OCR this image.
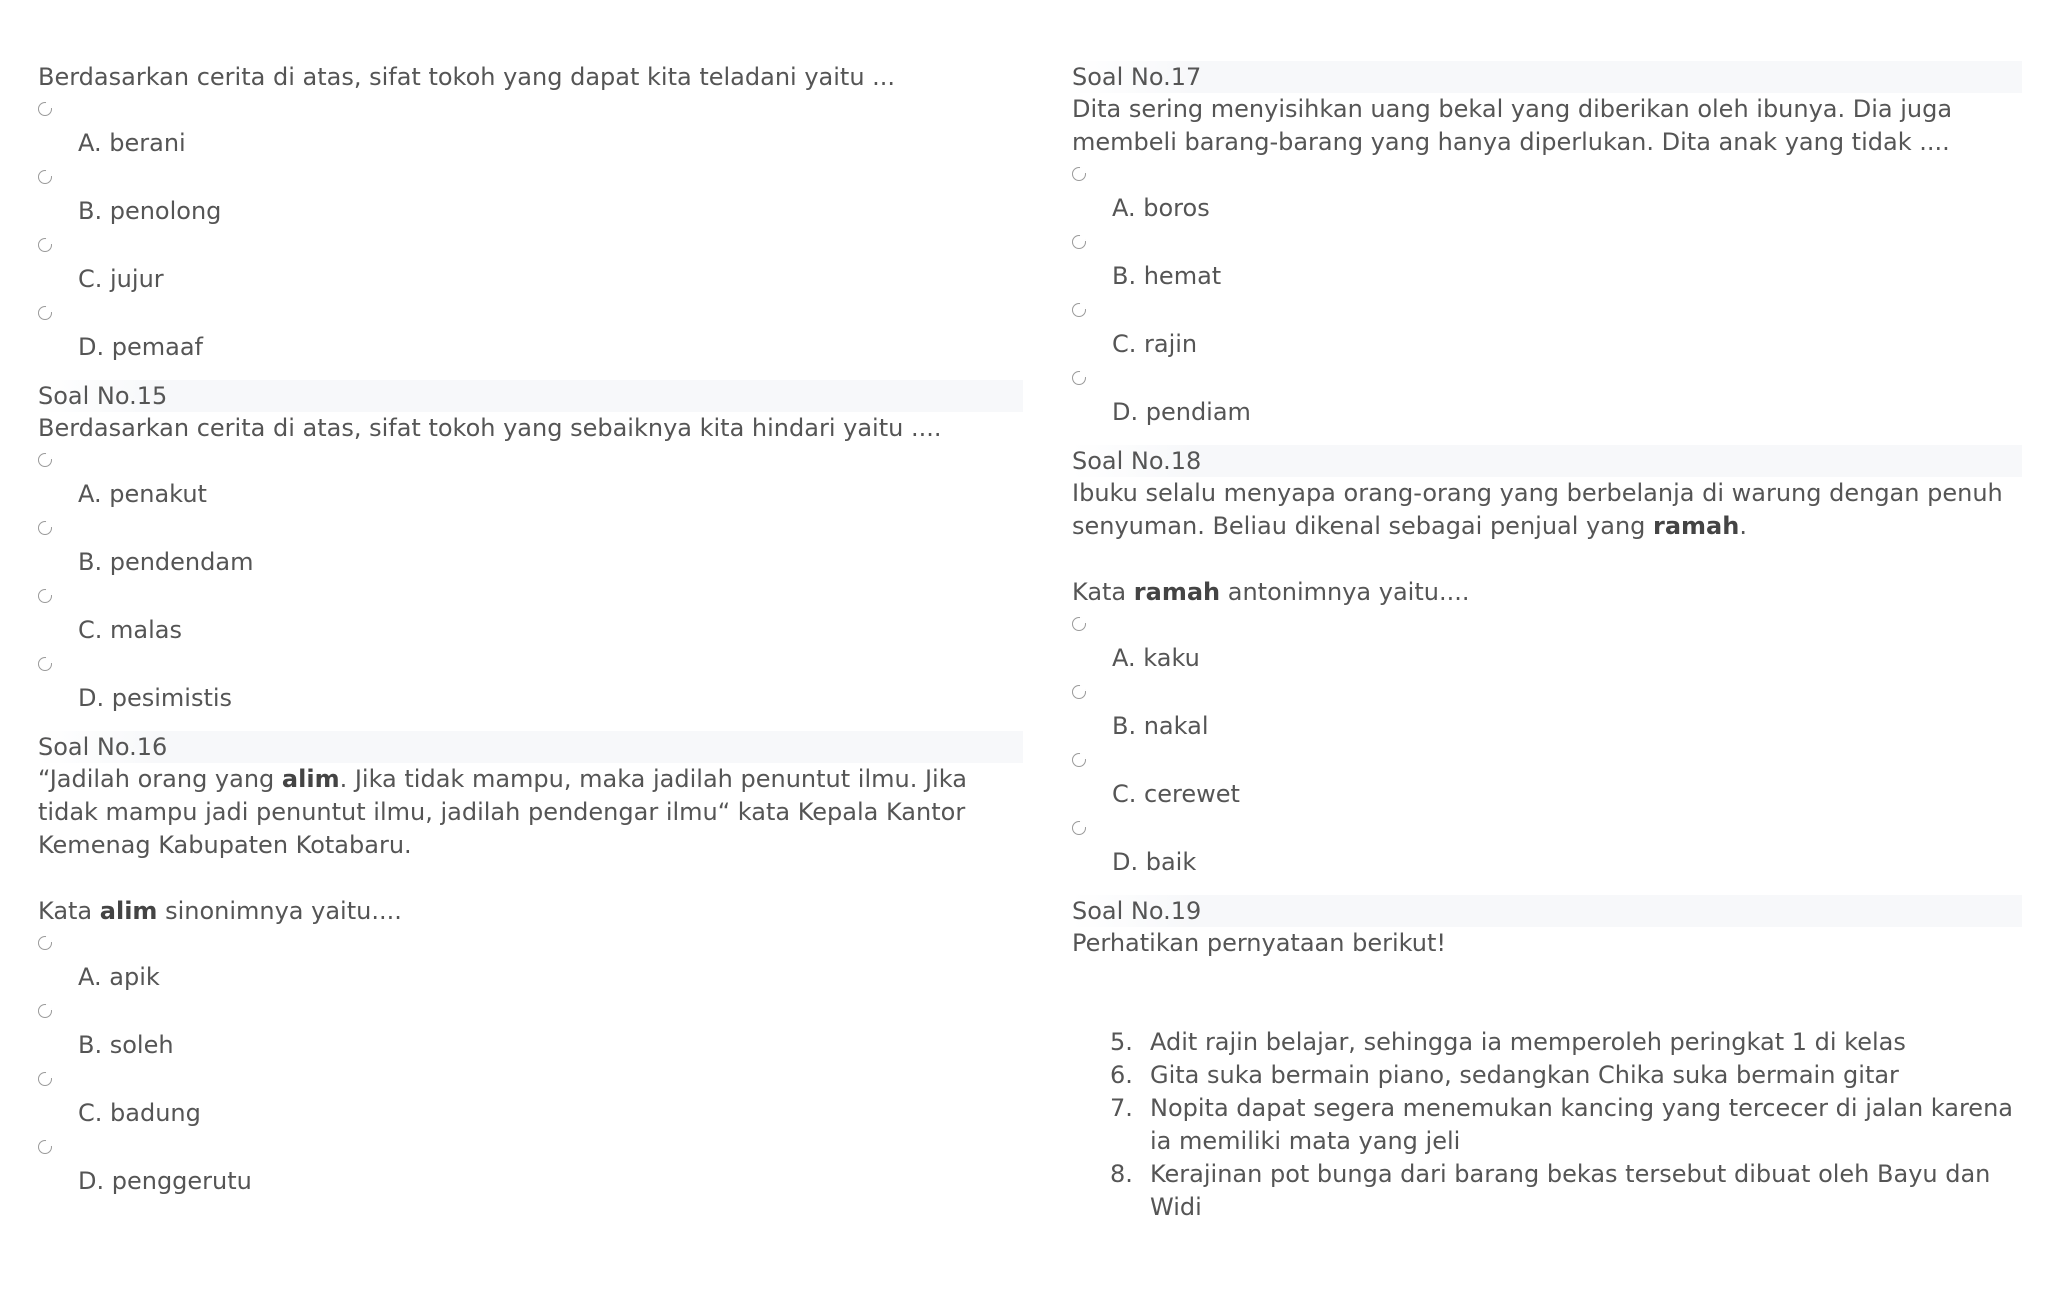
Berdasarkan cerita di atas, sifat tokoh yang dapat kita teladani yaitu ...
A. berani
B. penolong
C. jujur
D. pemaaf
Soal No.15
Berdasarkan cerita di atas, sifat tokoh yang sebaiknya kita hindari yaitu ....
A. penakut
B. pendendam
C. malas
D. pesimistis
Soal No.16
“Jadilah orang yang alim. Jika tidak mampu, maka jadilah penuntut ilmu. Jika tidak mampu jadi penuntut ilmu, jadilah pendengar ilmu“ kata Kepala Kantor Kemenag Kabupaten Kotabaru.
Kata alim sinonimnya yaitu....
A. apik
B. soleh
C. badung
D. penggerutu
Soal No.17
Dita sering menyisihkan uang bekal yang diberikan oleh ibunya. Dia juga membeli barang-barang yang hanya diperlukan. Dita anak yang tidak ....
A. boros
B. hemat
C. rajin
D. pendiam
Soal No.18
Ibuku selalu menyapa orang-orang yang berbelanja di warung dengan penuh senyuman. Beliau dikenal sebagai penjual yang ramah.
Kata ramah antonimnya yaitu....
A. kaku
B. nakal
C. cerewet
D. baik
Soal No.19
Perhatikan pernyataan berikut!
5. Adit rajin belajar, sehingga ia memperoleh peringkat 1 di kelas
6. Gita suka bermain piano, sedangkan Chika suka bermain gitar
7. Nopita dapat segera menemukan kancing yang tercecer di jalan karena ia memiliki mata yang jeli
8. Kerajinan pot bunga dari barang bekas tersebut dibuat oleh Bayu dan Widi
